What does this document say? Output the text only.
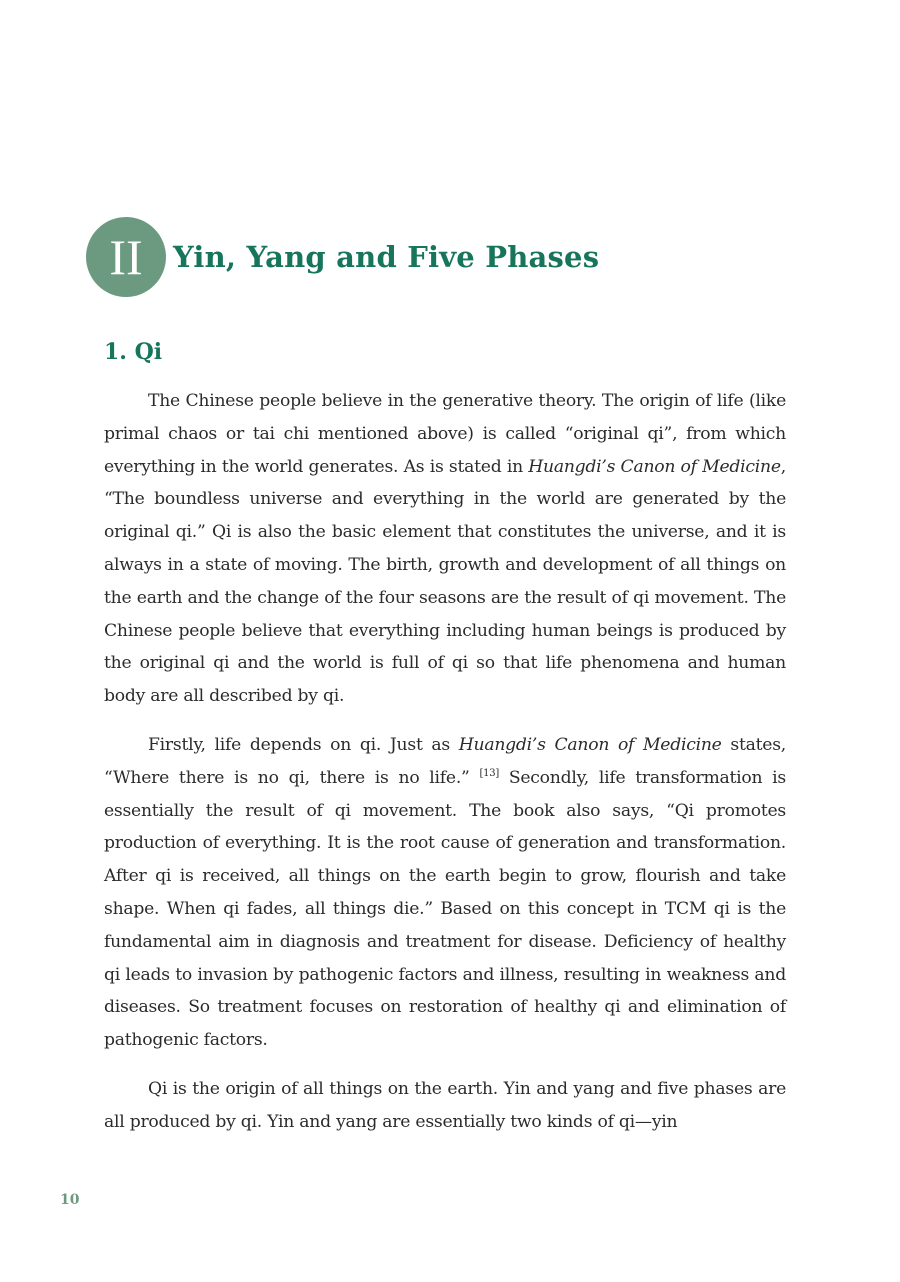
II Yin, Yang and Five Phases
1. Qi

The Chinese people believe in the generative theory. The origin of life (like primal chaos or tai chi mentioned above) is called “original qi”, from which everything in the world generates. As is stated in Huangdi’s Canon of Medicine, “The boundless universe and everything in the world are generated by the original qi.” Qi is also the basic element that constitutes the universe, and it is always in a state of moving. The birth, growth and development of all things on the earth and the change of the four seasons are the result of qi movement. The Chinese people believe that everything including human beings is produced by the original qi and the world is full of qi so that life phenomena and human body are all described by qi.

Firstly, life depends on qi. Just as Huangdi’s Canon of Medicine states, “Where there is no qi, there is no life.” [13] Secondly, life transformation is essentially the result of qi movement. The book also says, “Qi promotes production of everything. It is the root cause of generation and transformation. After qi is received, all things on the earth begin to grow, flourish and take shape. When qi fades, all things die.” Based on this concept in TCM qi is the fundamental aim in diagnosis and treatment for disease. Deficiency of healthy qi leads to invasion by pathogenic factors and illness, resulting in weakness and diseases. So treatment focuses on restoration of healthy qi and elimination of pathogenic factors.

Qi is the origin of all things on the earth. Yin and yang and five phases are all produced by qi. Yin and yang are essentially two kinds of qi—yin

10
